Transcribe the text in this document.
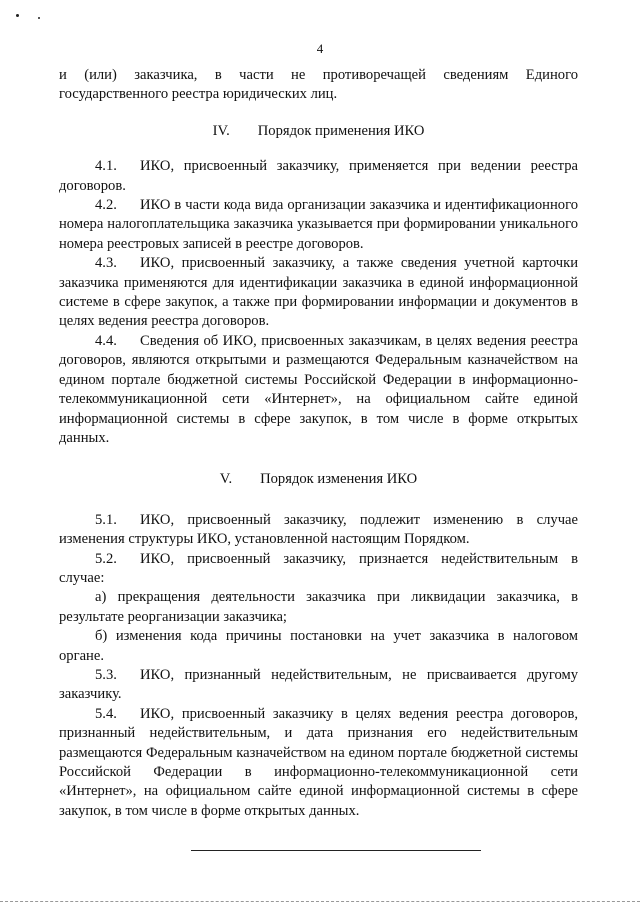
4

и (или) заказчика, в части не противоречащей сведениям Единого государственного реестра юридических лиц.

IV. Порядок применения ИКО

4.1. ИКО, присвоенный заказчику, применяется при ведении реестра договоров.

4.2. ИКО в части кода вида организации заказчика и идентификационного номера налогоплательщика заказчика указывается при формировании уникального номера реестровых записей в реестре договоров.

4.3. ИКО, присвоенный заказчику, а также сведения учетной карточки заказчика применяются для идентификации заказчика в единой информационной системе в сфере закупок, а также при формировании информации и документов в целях ведения реестра договоров.

4.4. Сведения об ИКО, присвоенных заказчикам, в целях ведения реестра договоров, являются открытыми и размещаются Федеральным казначейством на едином портале бюджетной системы Российской Федерации в информационно-телекоммуникационной сети «Интернет», на официальном сайте единой информационной системы в сфере закупок, в том числе в форме открытых данных.

V. Порядок изменения ИКО

5.1. ИКО, присвоенный заказчику, подлежит изменению в случае изменения структуры ИКО, установленной настоящим Порядком.

5.2. ИКО, присвоенный заказчику, признается недействительным в случае:

а) прекращения деятельности заказчика при ликвидации заказчика, в результате реорганизации заказчика;

б) изменения кода причины постановки на учет заказчика в налоговом органе.

5.3. ИКО, признанный недействительным, не присваивается другому заказчику.

5.4. ИКО, присвоенный заказчику в целях ведения реестра договоров, признанный недействительным, и дата признания его недействительным размещаются Федеральным казначейством на едином портале бюджетной системы Российской Федерации в информационно-телекоммуникационной сети «Интернет», на официальном сайте единой информационной системы в сфере закупок, в том числе в форме открытых данных.
